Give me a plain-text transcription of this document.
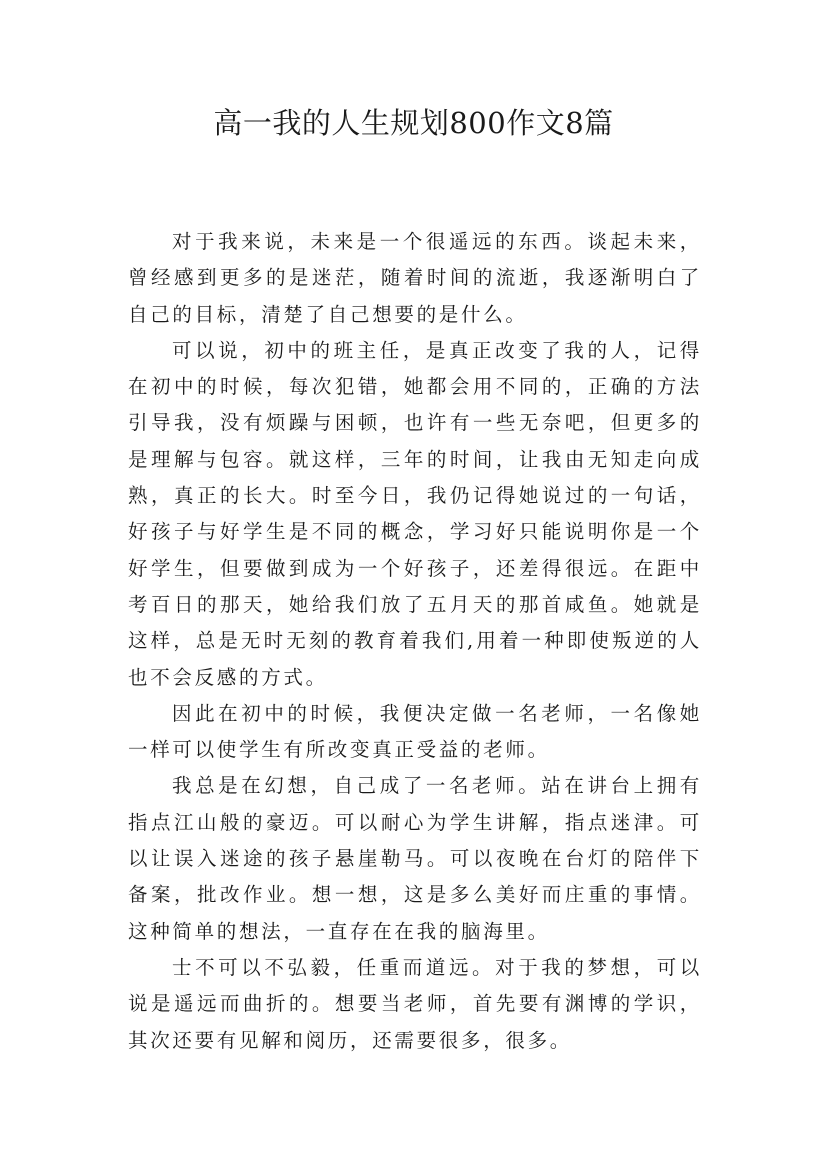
高一我的人生规划800作文8篇

对于我来说，未来是一个很遥远的东西。谈起未来，曾经感到更多的是迷茫，随着时间的流逝，我逐渐明白了自己的目标，清楚了自己想要的是什么。

可以说，初中的班主任，是真正改变了我的人，记得在初中的时候，每次犯错，她都会用不同的，正确的方法引导我，没有烦躁与困顿，也许有一些无奈吧，但更多的是理解与包容。就这样，三年的时间，让我由无知走向成熟，真正的长大。时至今日，我仍记得她说过的一句话，好孩子与好学生是不同的概念，学习好只能说明你是一个好学生，但要做到成为一个好孩子，还差得很远。在距中考百日的那天，她给我们放了五月天的那首咸鱼。她就是这样，总是无时无刻的教育着我们,用着一种即使叛逆的人也不会反感的方式。

因此在初中的时候，我便决定做一名老师，一名像她一样可以使学生有所改变真正受益的老师。

我总是在幻想，自己成了一名老师。站在讲台上拥有指点江山般的豪迈。可以耐心为学生讲解，指点迷津。可以让误入迷途的孩子悬崖勒马。可以夜晚在台灯的陪伴下备案，批改作业。想一想，这是多么美好而庄重的事情。这种简单的想法，一直存在在我的脑海里。

士不可以不弘毅，任重而道远。对于我的梦想，可以说是遥远而曲折的。想要当老师，首先要有渊博的学识，其次还要有见解和阅历，还需要很多，很多。
